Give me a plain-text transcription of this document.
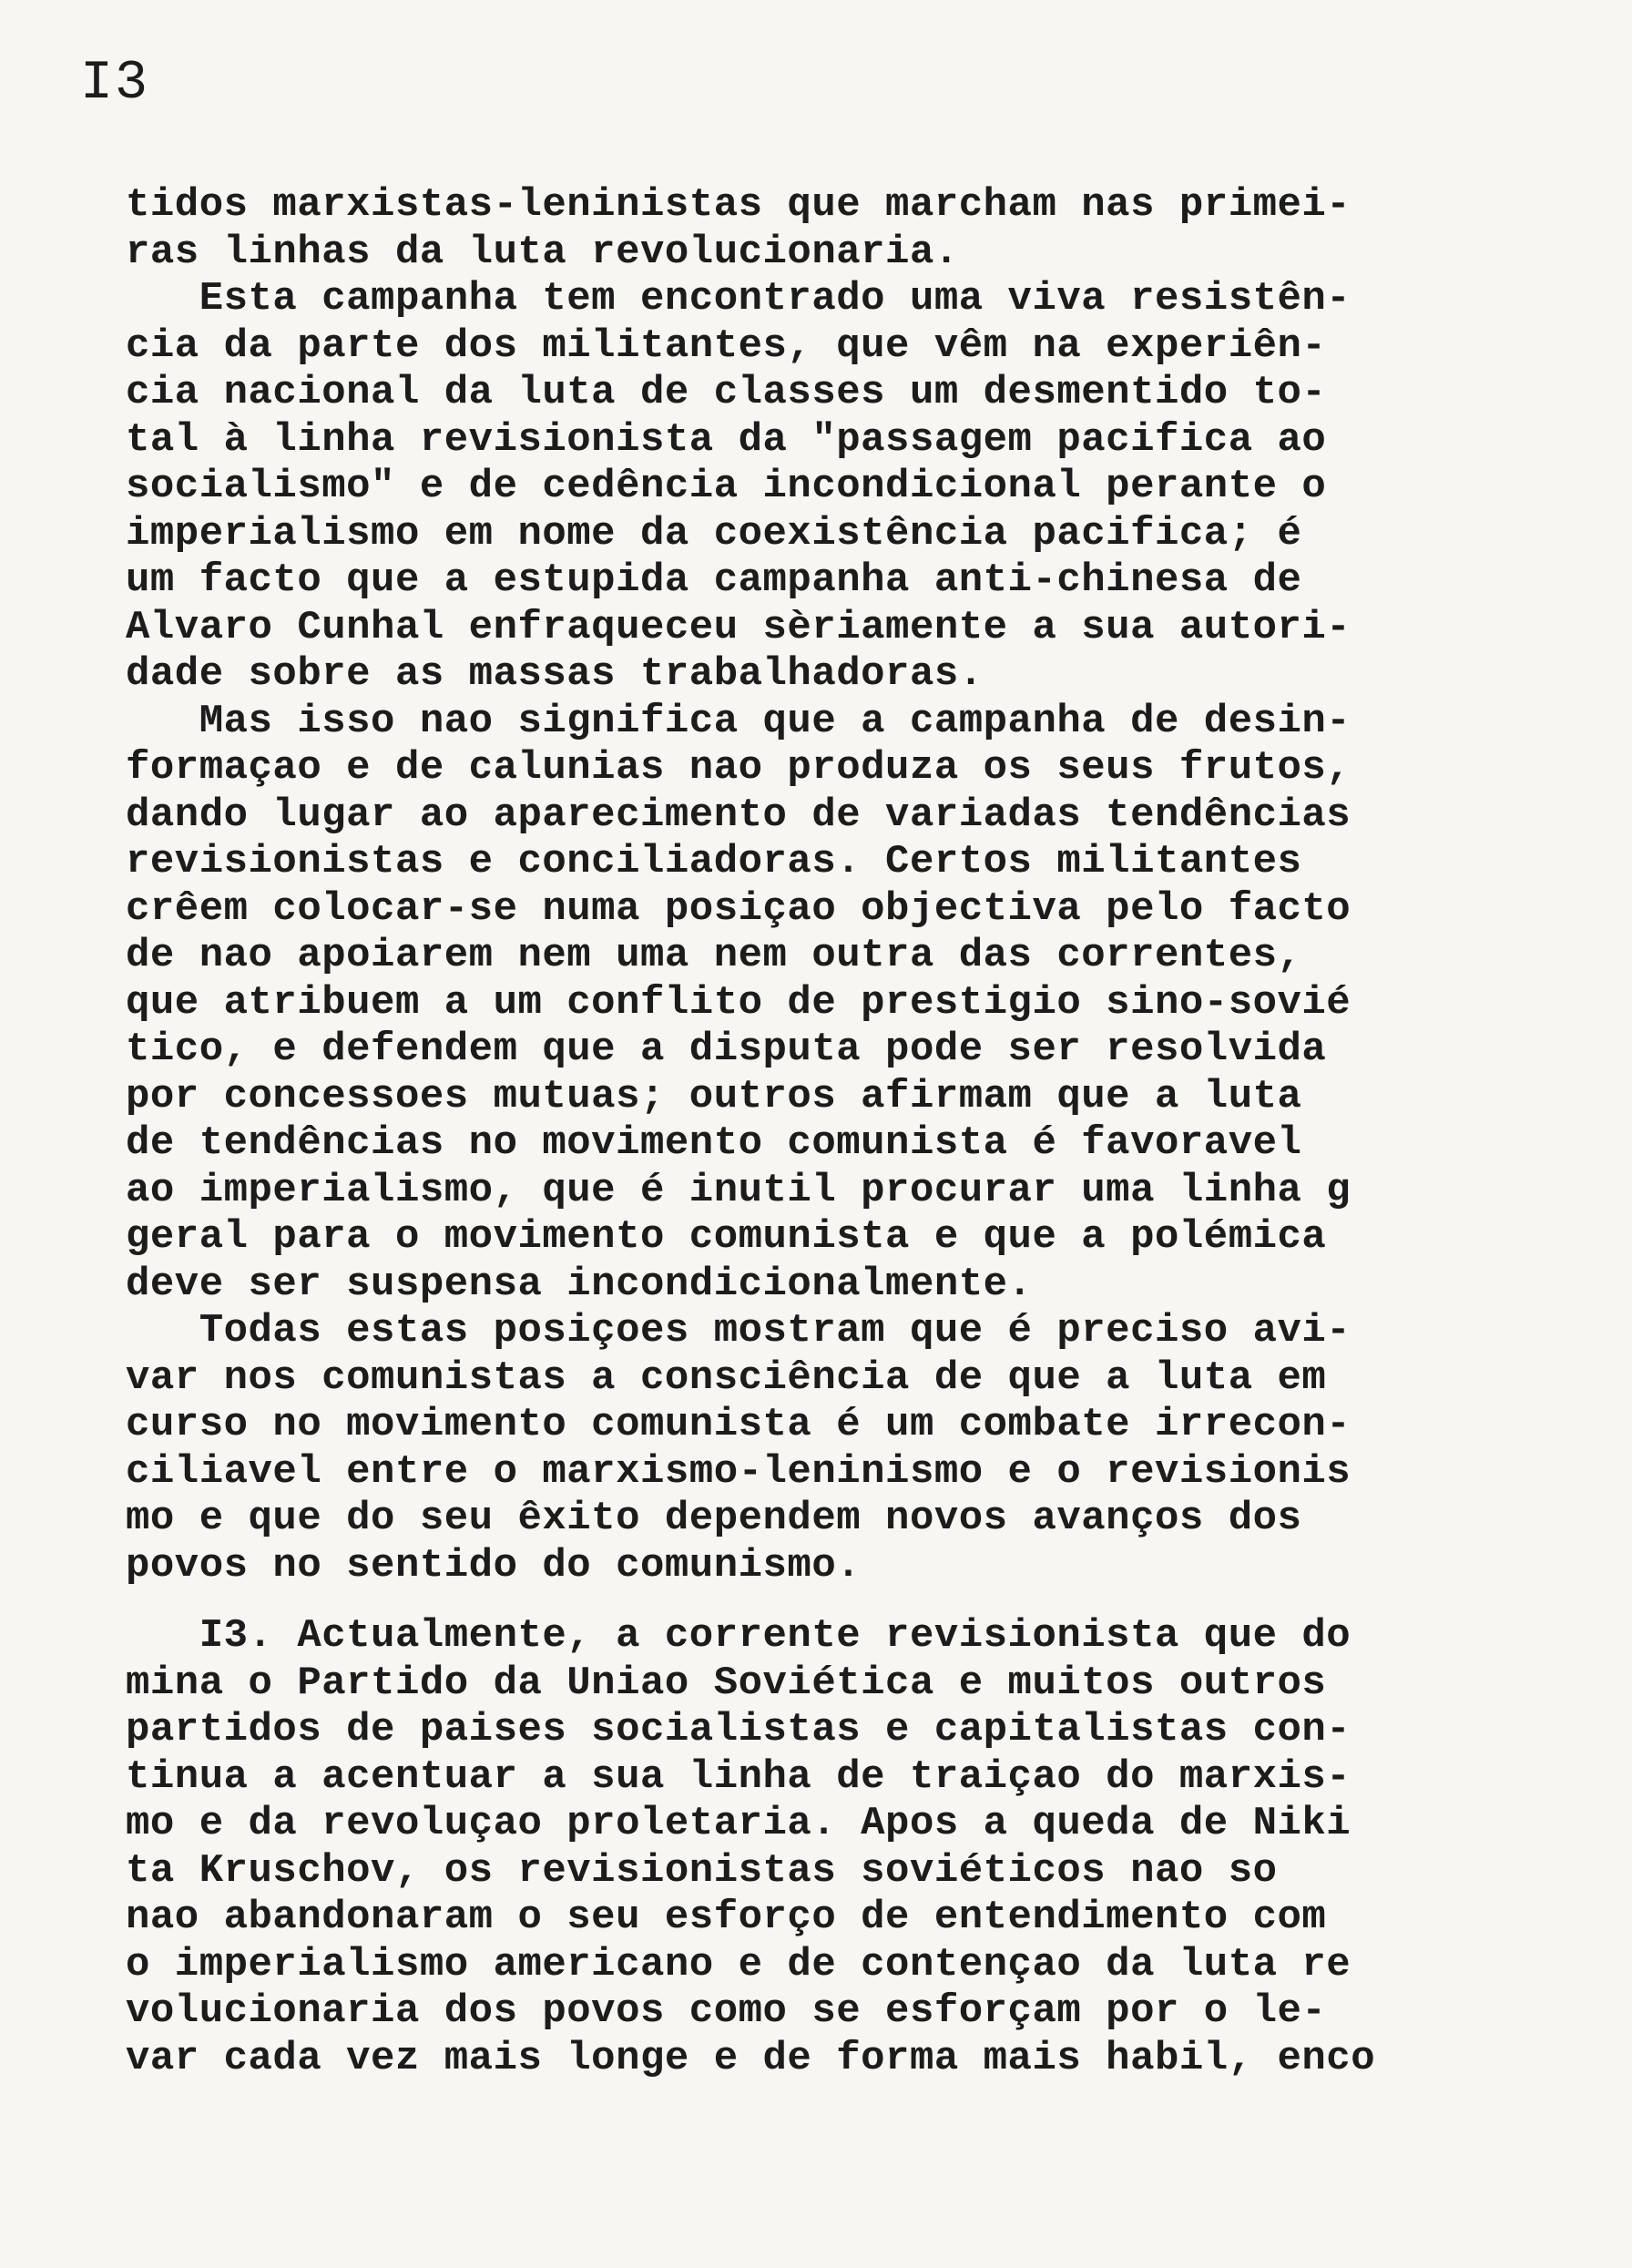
I3
tidos marxistas-leninistas que marcham nas primei-
ras linhas da luta revolucionaria.
Esta campanha tem encontrado uma viva resistên-
cia da parte dos militantes, que vêm na experiên-
cia nacional da luta de classes um desmentido to-
tal à linha revisionista da "passagem pacifica ao
socialismo" e de cedência incondicional perante o
imperialismo em nome da coexistência pacifica; é
um facto que a estupida campanha anti-chinesa de
Alvaro Cunhal enfraqueceu sèriamente a sua autori-
dade sobre as massas trabalhadoras.
Mas isso nao significa que a campanha de desin-
formaçao e de calunias nao produza os seus frutos,
dando lugar ao aparecimento de variadas tendências
revisionistas e conciliadoras. Certos militantes
crêem colocar-se numa posiçao objectiva pelo facto
de nao apoiarem nem uma nem outra das correntes,
que atribuem a um conflito de prestigio sino-sovié
tico, e defendem que a disputa pode ser resolvida
por concessoes mutuas; outros afirmam que a luta
de tendências no movimento comunista é favoravel
ao imperialismo, que é inutil procurar uma linha g
geral para o movimento comunista e que a polémica
deve ser suspensa incondicionalmente.
Todas estas posiçoes mostram que é preciso avi-
var nos comunistas a consciência de que a luta em
curso no movimento comunista é um combate irrecon-
ciliavel entre o marxismo-leninismo e o revisionis
mo e que do seu êxito dependem novos avanços dos
povos no sentido do comunismo.
I3. Actualmente, a corrente revisionista que do
mina o Partido da Uniao Soviética e muitos outros
partidos de paises socialistas e capitalistas con-
tinua a acentuar a sua linha de traiçao do marxis-
mo e da revoluçao proletaria. Apos a queda de Niki
ta Kruschov, os revisionistas soviéticos nao so
nao abandonaram o seu esforço de entendimento com
o imperialismo americano e de contençao da luta re
volucionaria dos povos como se esforçam por o le-
var cada vez mais longe e de forma mais habil, enco
